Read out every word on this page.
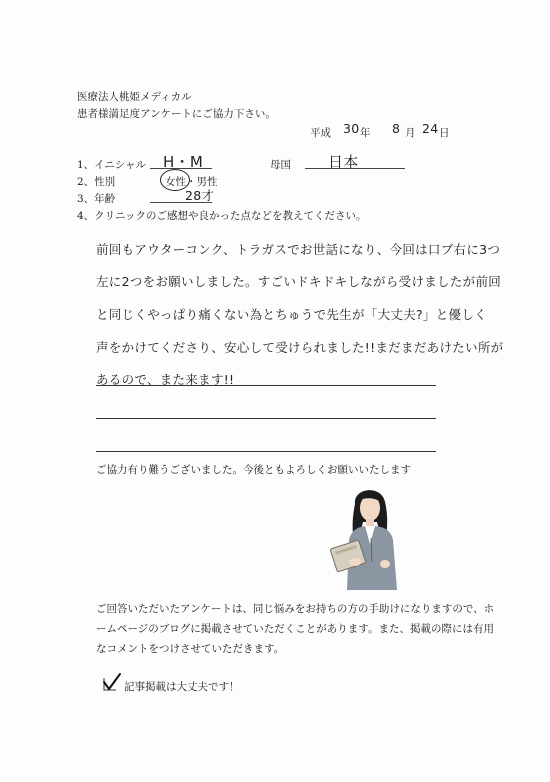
医療法人桃姫メディカル
患者様満足度アンケートにご協力下さい。
平成 30 年 8 月 24 日
1、イニシャル H・M	母国 日本
2、性別	女性・男性
3、年齢	28才
4、クリニックのご感想や良かった点などを教えてください。
前回もアウターコンク、トラガスでお世話になり、今回は口ブ右に3つ
左に2つをお願いしました。すごいドキドキしながら受けましたが前回
と同じくやっぱり痛くない為とちゅうで先生が「大丈夫?」と優しく
声をかけてくださり、安心して受けられました!!まだまだあけたい所が
あるので、また来ます!!
ご協力有り難うございました。今後ともよろしくお願いいたします
ご回答いただいたアンケートは、同じ悩みをお持ちの方の手助けになりますので、ホ
ームページのブログに掲載させていただくことがあります。また、掲載の際には有用
なコメントをつけさせていただきます。
記事掲載は大丈夫です！
